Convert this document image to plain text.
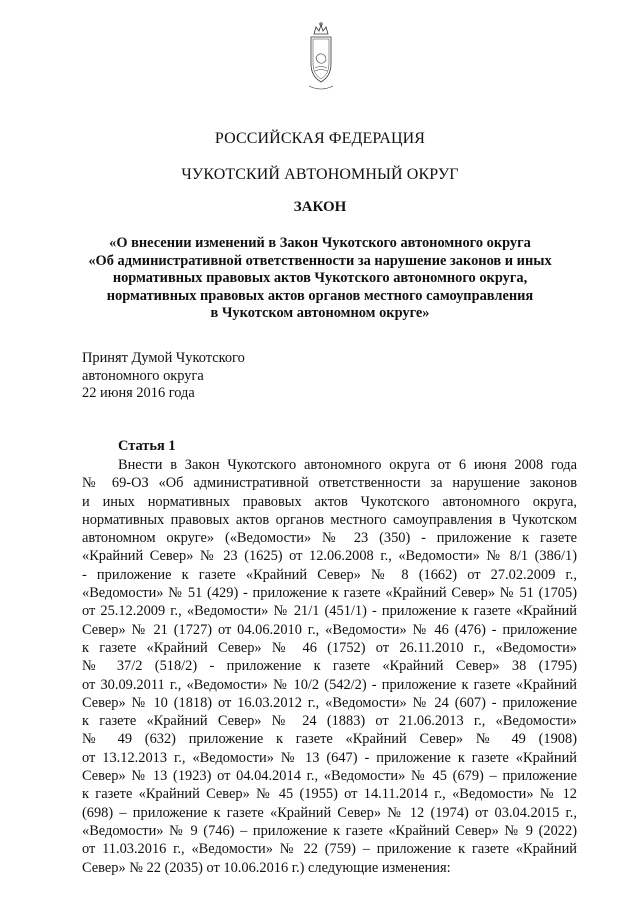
РОССИЙСКАЯ ФЕДЕРАЦИЯ
ЧУКОТСКИЙ АВТОНОМНЫЙ ОКРУГ
ЗАКОН
«О внесении изменений в Закон Чукотского автономного округа
«Об административной ответственности за нарушение законов и иных
нормативных правовых актов Чукотского автономного округа,
нормативных правовых актов органов местного самоуправления
в Чукотском автономном округе»
Принят Думой Чукотского
автономного округа
22 июня 2016 года
Статья 1
Внести в Закон Чукотского автономного округа от 6 июня 2008 года
№ 69-ОЗ «Об административной ответственности за нарушение законов
и иных нормативных правовых актов Чукотского автономного округа,
нормативных правовых актов органов местного самоуправления в Чукотском
автономном округе» («Ведомости» № 23 (350) - приложение к газете
«Крайний Север» № 23 (1625) от 12.06.2008 г., «Ведомости» № 8/1 (386/1)
- приложение к газете «Крайний Север» № 8 (1662) от 27.02.2009 г.,
«Ведомости» № 51 (429) - приложение к газете «Крайний Север» № 51 (1705)
от 25.12.2009 г., «Ведомости» № 21/1 (451/1) - приложение к газете «Крайний
Север» № 21 (1727) от 04.06.2010 г., «Ведомости» № 46 (476) - приложение
к газете «Крайний Север» № 46 (1752) от 26.11.2010 г., «Ведомости»
№ 37/2 (518/2) - приложение к газете «Крайний Север» 38 (1795)
от 30.09.2011 г., «Ведомости» № 10/2 (542/2) - приложение к газете «Крайний
Север» № 10 (1818) от 16.03.2012 г., «Ведомости» № 24 (607) - приложение
к газете «Крайний Север» № 24 (1883) от 21.06.2013 г., «Ведомости»
№ 49 (632) приложение к газете «Крайний Север» № 49 (1908)
от 13.12.2013 г., «Ведомости» № 13 (647) - приложение к газете «Крайний
Север» № 13 (1923) от 04.04.2014 г., «Ведомости» № 45 (679) – приложение
к газете «Крайний Север» № 45 (1955) от 14.11.2014 г., «Ведомости» № 12
(698) – приложение к газете «Крайний Север» № 12 (1974) от 03.04.2015 г.,
«Ведомости» № 9 (746) – приложение к газете «Крайний Север» № 9 (2022)
от 11.03.2016 г., «Ведомости» № 22 (759) – приложение к газете «Крайний
Север» № 22 (2035) от 10.06.2016 г.) следующие изменения:
